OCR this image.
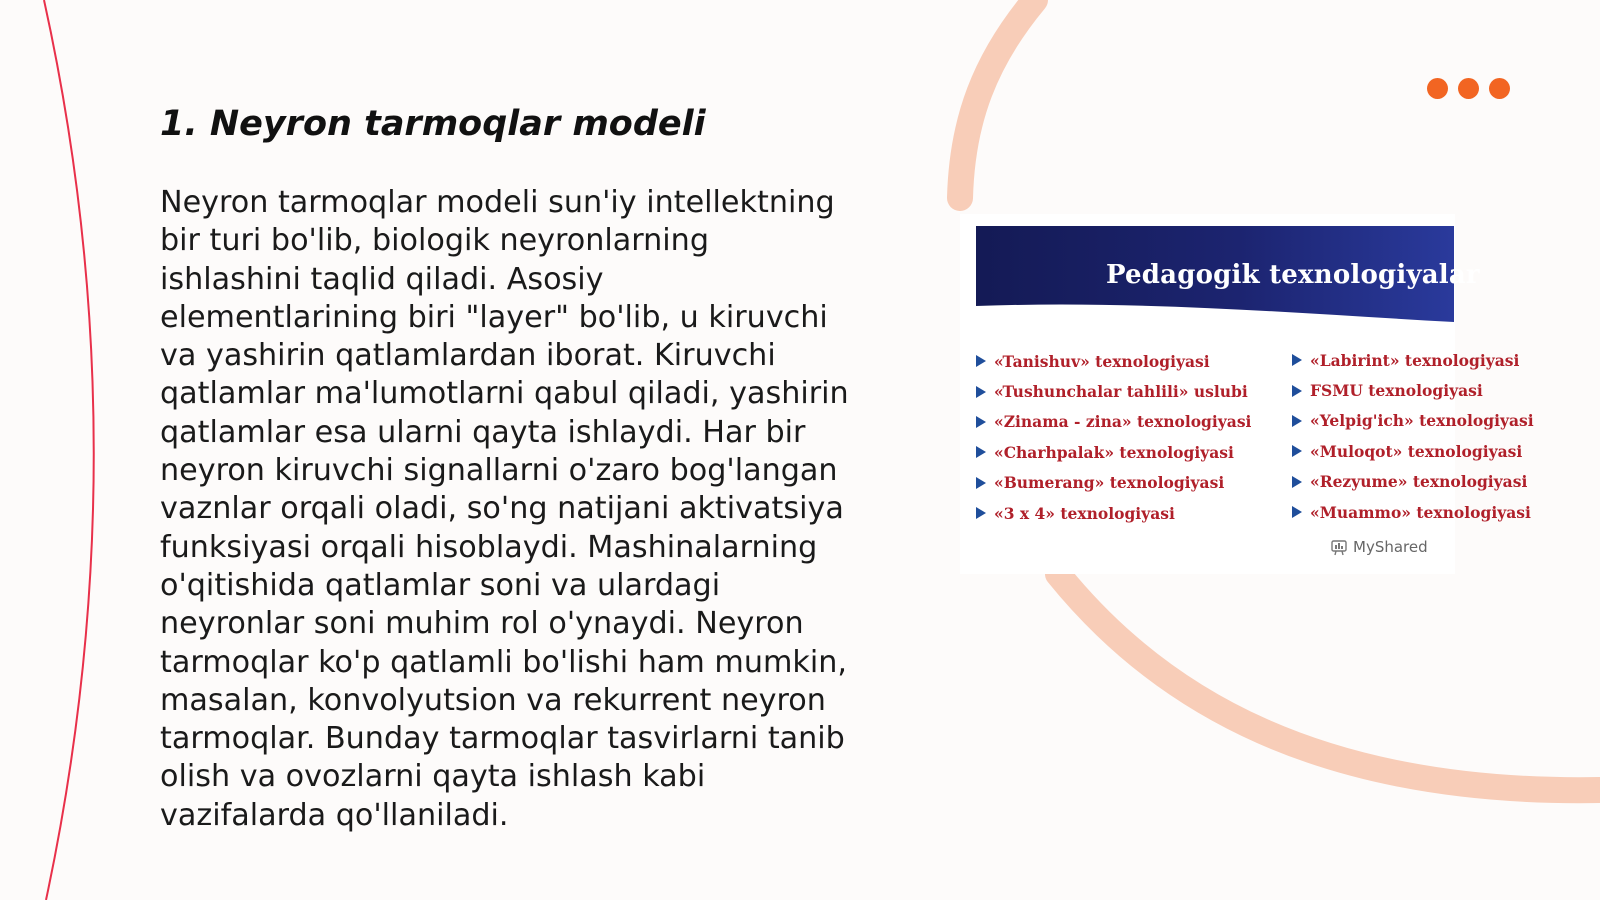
1. Neyron tarmoqlar modeli

Neyron tarmoqlar modeli sun'iy intellektning bir turi bo'lib, biologik neyronlarning ishlashini taqlid qiladi. Asosiy elementlarining biri "layer" bo'lib, u kiruvchi va yashirin qatlamlardan iborat. Kiruvchi qatlamlar ma'lumotlarni qabul qiladi, yashirin qatlamlar esa ularni qayta ishlaydi. Har bir neyron kiruvchi signallarni o'zaro bog'langan vaznlar orqali oladi, so'ng natijani aktivatsiya funksiyasi orqali hisoblaydi. Mashinalarning o'qitishida qatlamlar soni va ulardagi neyronlar soni muhim rol o'ynaydi. Neyron tarmoqlar ko'p qatlamli bo'lishi ham mumkin, masalan, konvolyutsion va rekurrent neyron tarmoqlar. Bunday tarmoqlar tasvirlarni tanib olish va ovozlarni qayta ishlash kabi vazifalarda qo'llaniladi.

Pedagogik texnologiyalar
«Tanishuv» texnologiyasi
«Tushunchalar tahlili» uslubi
«Zinama - zina» texnologiyasi
«Charhpalak» texnologiyasi
«Bumerang» texnologiyasi
«3 x 4» texnologiyasi
«Labirint» texnologiyasi
FSMU texnologiyasi
«Yelpig'ich» texnologiyasi
«Muloqot» texnologiyasi
«Rezyume» texnologiyasi
«Muammo» texnologiyasi
MyShared
